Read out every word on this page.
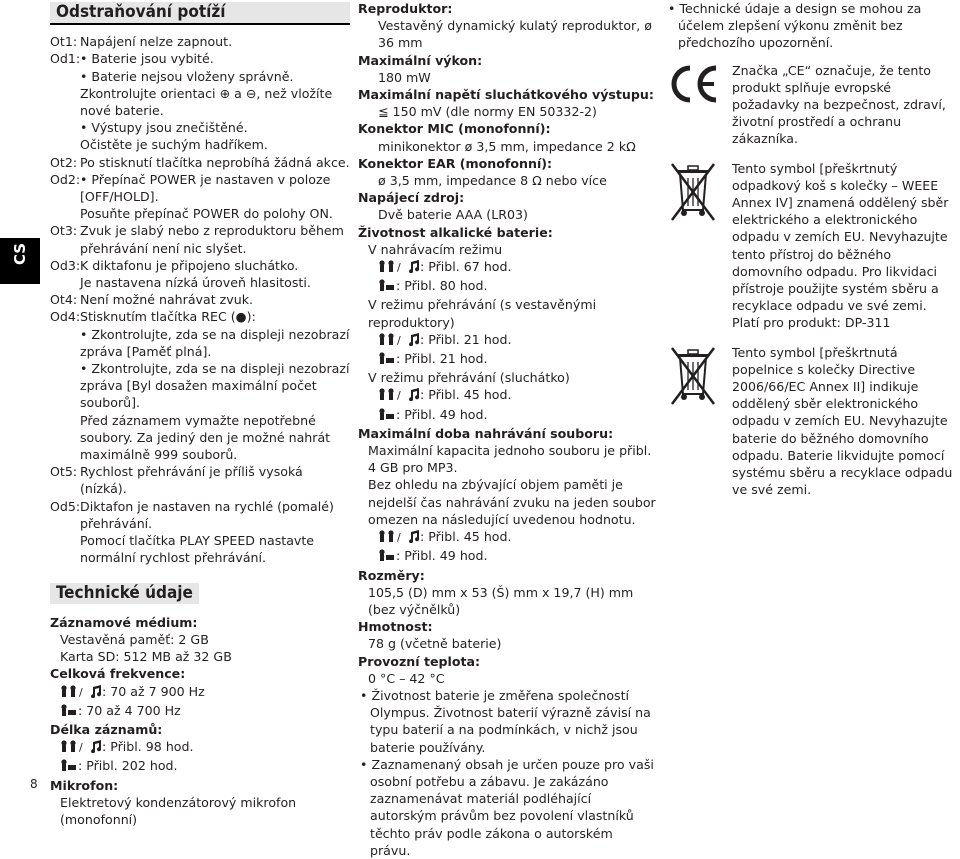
CS
8
Odstraňování potíží
Ot1: Napájení nelze zapnout.
Od1: • Baterie jsou vybité.
• Baterie nejsou vloženy správně.
Zkontrolujte orientaci ⊕ a ⊖, než vložíte nové baterie.
• Výstupy jsou znečištěné.
Očistěte je suchým hadříkem.
Ot2: Po stisknutí tlačítka neprobíhá žádná akce.
Od2: • Přepínač POWER je nastaven v poloze [OFF/HOLD].
Posuňte přepínač POWER do polohy ON.
Ot3: Zvuk je slabý nebo z reproduktoru během přehrávání není nic slyšet.
Od3: K diktafonu je připojeno sluchátko.
Je nastavena nízká úroveň hlasitosti.
Ot4: Není možné nahrávat zvuk.
Od4: Stisknutím tlačítka REC (●):
• Zkontrolujte, zda se na displeji nezobrazí zpráva [Paměť plná].
• Zkontrolujte, zda se na displeji nezobrazí zpráva [Byl dosažen maximální počet souborů].
Před záznamem vymažte nepotřebné soubory. Za jediný den je možné nahrát maximálně 999 souborů.
Ot5: Rychlost přehrávání je příliš vysoká (nízká).
Od5: Diktafon je nastaven na rychlé (pomalé) přehrávání.
Pomocí tlačítka PLAY SPEED nastavte normální rychlost přehrávání.
Technické údaje
Záznamové médium:
Vestavěná paměť: 2 GB
Karta SD: 512 MB až 32 GB
Celková frekvence:
/ : 70 až 7 900 Hz
: 70 až 4 700 Hz
Délka záznamů:
/ : Přibl. 98 hod.
: Přibl. 202 hod.
Mikrofon:
Elektretový kondenzátorový mikrofon (monofonní)
Reproduktor:
Vestavěný dynamický kulatý reproduktor, ø 36 mm
Maximální výkon:
180 mW
Maximální napětí sluchátkového výstupu:
≦ 150 mV (dle normy EN 50332-2)
Konektor MIC (monofonní):
minikonektor ø 3,5 mm, impedance 2 kΩ
Konektor EAR (monofonní):
ø 3,5 mm, impedance 8 Ω nebo více
Napájecí zdroj:
Dvě baterie AAA (LR03)
Životnost alkalické baterie:
V nahrávacím režimu
/ : Přibl. 67 hod.
: Přibl. 80 hod.
V režimu přehrávání (s vestavěnými reproduktory)
/ : Přibl. 21 hod.
: Přibl. 21 hod.
V režimu přehrávání (sluchátko)
/ : Přibl. 45 hod.
: Přibl. 49 hod.
Maximální doba nahrávání souboru:
Maximální kapacita jednoho souboru je přibl. 4 GB pro MP3.
Bez ohledu na zbývající objem paměti je nejdelší čas nahrávání zvuku na jeden soubor omezen na následující uvedenou hodnotu.
/ : Přibl. 45 hod.
: Přibl. 49 hod.
Rozměry:
105,5 (D) mm x 53 (Š) mm x 19,7 (H) mm (bez výčnělků)
Hmotnost:
78 g (včetně baterie)
Provozní teplota:
0 °C – 42 °C
• Životnost baterie je změřena společností Olympus. Životnost baterií výrazně závisí na typu baterií a na podmínkách, v nichž jsou baterie používány.
• Zaznamenaný obsah je určen pouze pro vaši osobní potřebu a zábavu. Je zakázáno zaznamenávat materiál podléhající autorským právům bez povolení vlastníků těchto práv podle zákona o autorském právu.
• Technické údaje a design se mohou za účelem zlepšení výkonu změnit bez předchozího upozornění.
Značka „CE“ označuje, že tento produkt splňuje evropské požadavky na bezpečnost, zdraví, životní prostředí a ochranu zákazníka.
Tento symbol [přeškrtnutý odpadkový koš s kolečky – WEEE Annex IV] znamená oddělený sběr elektrického a elektronického odpadu v zemích EU. Nevyhazujte tento přístroj do běžného domovního odpadu. Pro likvidaci přístroje použijte systém sběru a recyklace odpadu ve své zemi.
Platí pro produkt: DP-311
Tento symbol [přeškrtnutá popelnice s kolečky Directive 2006/66/EC Annex II] indikuje oddělený sběr elektronického odpadu v zemích EU. Nevyhazujte baterie do běžného domovního odpadu. Baterie likvidujte pomocí systému sběru a recyklace odpadu ve své zemi.
